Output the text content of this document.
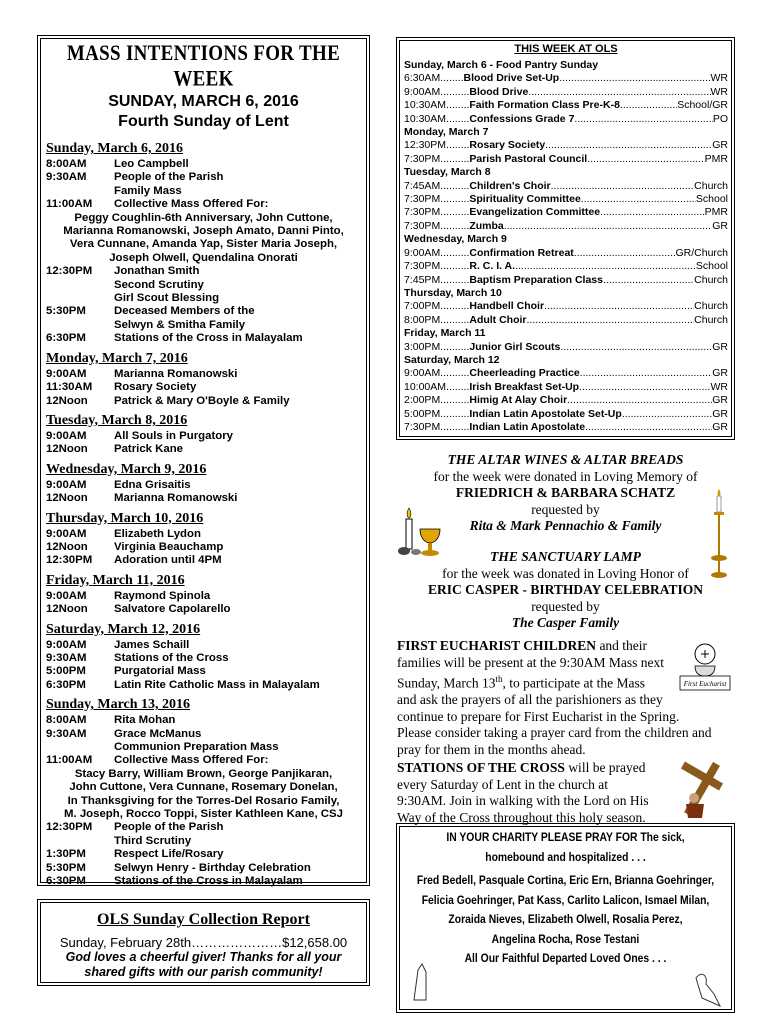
MASS INTENTIONS FOR THE WEEK
SUNDAY, MARCH 6, 2016
Fourth Sunday of Lent
Sunday, March 6, 2016
8:00AM	Leo Campbell
9:30AM	People of the Parish
Family Mass
11:00AM	Collective Mass Offered For:
Peggy Coughlin-6th Anniversary, John Cuttone,
Marianna Romanowski, Joseph Amato, Danni Pinto,
Vera Cunnane, Amanda Yap, Sister Maria Joseph,
Joseph Olwell, Quendalina Onorati
12:30PM	Jonathan Smith
Second Scrutiny
Girl Scout Blessing
5:30PM	Deceased Members of the
Selwyn & Smitha Family
6:30PM	Stations of the Cross in Malayalam
Monday, March 7, 2016
9:00AM	Marianna Romanowski
11:30AM	Rosary Society
12Noon	Patrick & Mary O'Boyle & Family
Tuesday, March 8, 2016
9:00AM	All Souls in Purgatory
12Noon	Patrick Kane
Wednesday, March 9, 2016
9:00AM	Edna Grisaitis
12Noon	Marianna Romanowski
Thursday, March 10, 2016
9:00AM	Elizabeth Lydon
12Noon	Virginia Beauchamp
12:30PM	Adoration until 4PM
Friday, March 11, 2016
9:00AM	Raymond Spinola
12Noon	Salvatore Capolarello
Saturday, March 12, 2016
9:00AM	James Schaill
9:30AM	Stations of the Cross
5:00PM	Purgatorial Mass
6:30PM	Latin Rite Catholic Mass in Malayalam
Sunday, March 13, 2016
8:00AM	Rita Mohan
9:30AM	Grace McManus
Communion Preparation Mass
11:00AM	Collective Mass Offered For:
Stacy Barry, William Brown, George Panjikaran,
John Cuttone, Vera Cunnane, Rosemary Donelan,
In Thanksgiving for the Torres-Del Rosario Family,
M. Joseph, Rocco Toppi, Sister Kathleen Kane, CSJ
12:30PM	People of the Parish
Third Scrutiny
1:30PM	Respect Life/Rosary
5:30PM	Selwyn Henry - Birthday Celebration
6:30PM	Stations of the Cross in Malayalam
OLS Sunday Collection Report
Sunday, February 28th…………………$12,658.00
God loves a cheerful giver! Thanks for all your
shared gifts with our parish community!
THIS WEEK AT OLS
Sunday, March 6 - Food Pantry Sunday
6:30AM........ Blood Drive Set-Up .....	WR
9:00AM.......... Blood Drive .....	WR
10:30AM........ Faith Formation Class Pre-K-8 .....	School/GR
10:30AM........ Confessions Grade 7 .....	PO
Monday, March 7
12:30PM........ Rosary Society .....	GR
7:30PM.......... Parish Pastoral Council .....	PMR
Tuesday, March 8
7:45AM.......... Children's Choir .....	Church
7:30PM.......... Spirituality Committee .....	School
7:30PM.......... Evangelization Committee .....	PMR
7:30PM.......... Zumba .....	GR
Wednesday, March 9
9:00AM.......... Confirmation Retreat .....	GR/Church
7:30PM.......... R. C. I. A. .....	School
7:45PM.......... Baptism Preparation Class .....	Church
Thursday, March 10
7:00PM.......... Handbell Choir .....	Church
8:00PM.......... Adult Choir .....	Church
Friday, March 11
3:00PM.......... Junior Girl Scouts .....	GR
Saturday, March 12
9:00AM.......... Cheerleading Practice .....	GR
10:00AM........ Irish Breakfast Set-Up .....	WR
2:00PM.......... Himig At Alay Choir .....	GR
5:00PM.......... Indian Latin Apostolate Set-Up .....	GR
7:30PM.......... Indian Latin Apostolate .....	GR
THE ALTAR WINES & ALTAR BREADS
for the week were donated in Loving Memory of
FRIEDRICH & BARBARA SCHATZ
requested by
Rita & Mark Pennachio & Family
THE SANCTUARY LAMP
for the week was donated in Loving Honor of
ERIC CASPER - BIRTHDAY CELEBRATION
requested by
The Casper Family
FIRST EUCHARIST CHILDREN and their
families will be present at the 9:30AM Mass next
Sunday, March 13th, to participate at the Mass
and ask the prayers of all the parishioners as they
continue to prepare for First Eucharist in the Spring.
Please consider taking a prayer card from the children and
pray for them in the months ahead.
First Eucharist
STATIONS OF THE CROSS will be prayed
every Saturday of Lent in the church at
9:30AM. Join in walking with the Lord on His
Way of the Cross throughout this holy season.
IN YOUR CHARITY PLEASE PRAY FOR The sick,
homebound and hospitalized . . .
Fred Bedell, Pasquale Cortina, Eric Ern, Brianna Goehringer,
Felicia Goehringer, Pat Kass, Carlito Lalicon, Ismael Milan,
Zoraida Nieves, Elizabeth Olwell, Rosalia Perez,
Angelina Rocha, Rose Testani
All Our Faithful Departed Loved Ones . . .
